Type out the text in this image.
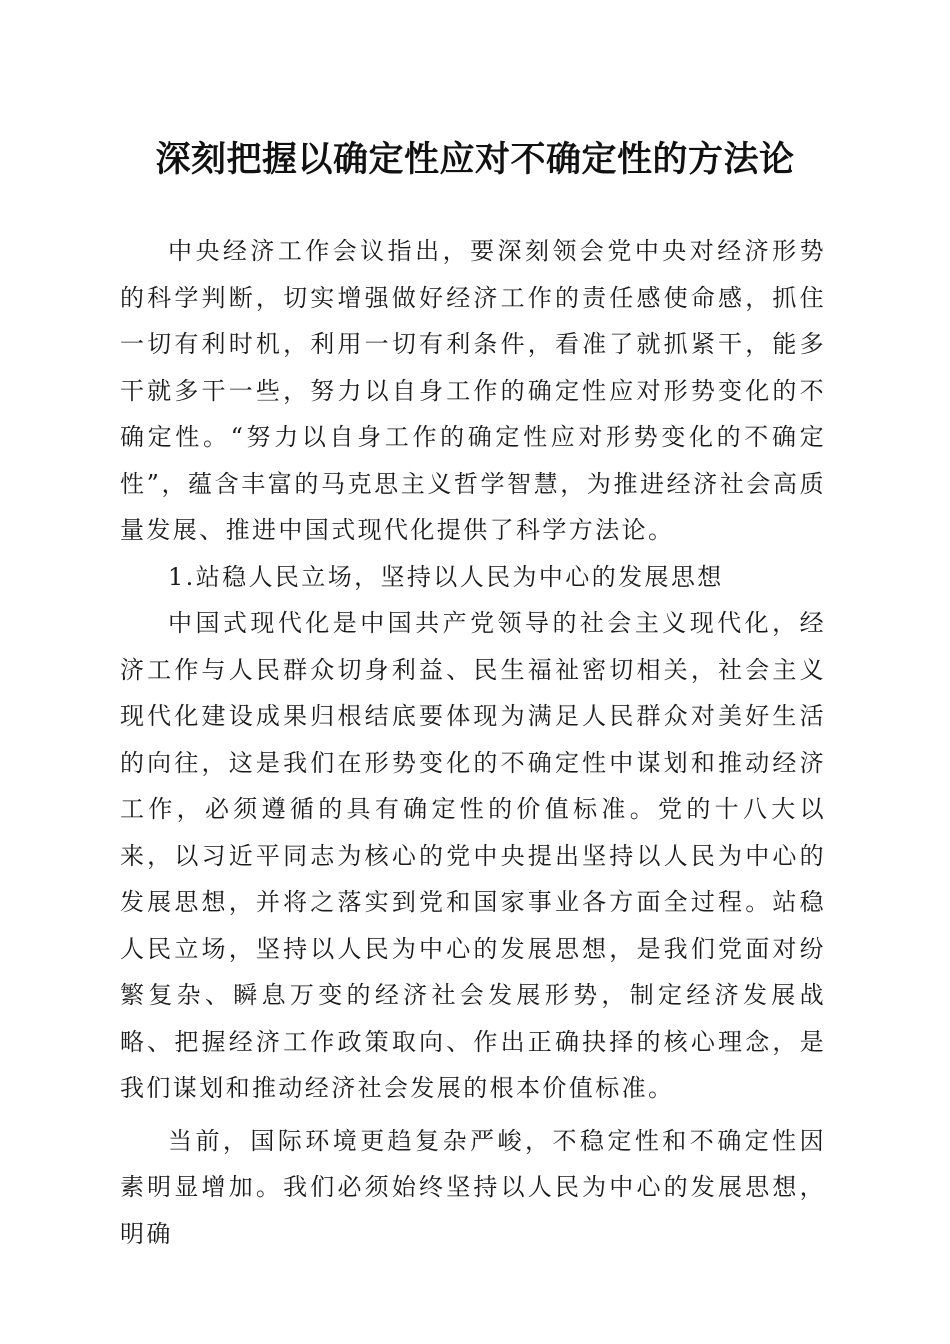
深刻把握以确定性应对不确定性的方法论

中央经济工作会议指出，要深刻领会党中央对经济形势的科学判断，切实增强做好经济工作的责任感使命感，抓住一切有利时机，利用一切有利条件，看准了就抓紧干，能多干就多干一些，努力以自身工作的确定性应对形势变化的不确定性。“努力以自身工作的确定性应对形势变化的不确定性”，蕴含丰富的马克思主义哲学智慧，为推进经济社会高质量发展、推进中国式现代化提供了科学方法论。

1.站稳人民立场，坚持以人民为中心的发展思想

中国式现代化是中国共产党领导的社会主义现代化，经济工作与人民群众切身利益、民生福祉密切相关，社会主义现代化建设成果归根结底要体现为满足人民群众对美好生活的向往，这是我们在形势变化的不确定性中谋划和推动经济工作，必须遵循的具有确定性的价值标准。党的十八大以来，以习近平同志为核心的党中央提出坚持以人民为中心的发展思想，并将之落实到党和国家事业各方面全过程。站稳人民立场，坚持以人民为中心的发展思想，是我们党面对纷繁复杂、瞬息万变的经济社会发展形势，制定经济发展战略、把握经济工作政策取向、作出正确抉择的核心理念，是我们谋划和推动经济社会发展的根本价值标准。

当前，国际环境更趋复杂严峻，不稳定性和不确定性因素明显增加。我们必须始终坚持以人民为中心的发展思想，明确
